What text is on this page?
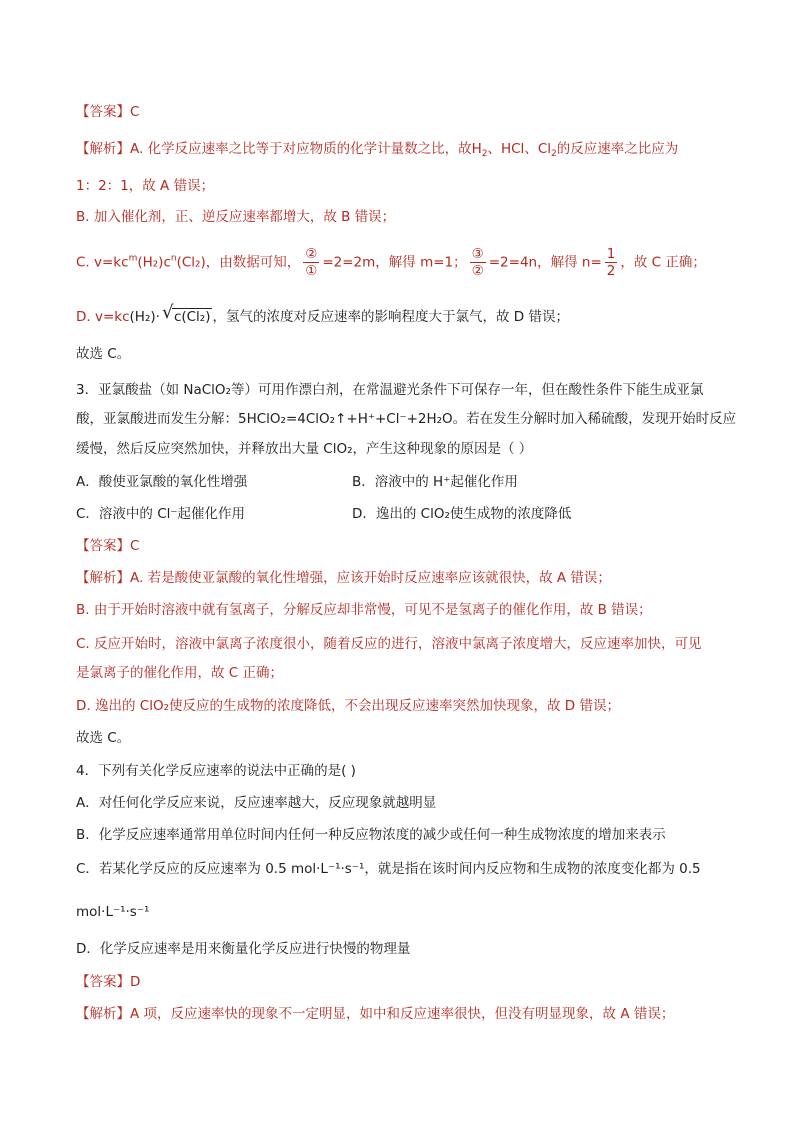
【答案】C
【解析】A. 化学反应速率之比等于对应物质的化学计量数之比，故$H_2$、HCl、$Cl_2$的反应速率之比应为
1：2：1，故 A 错误；
B. 加入催化剂，正、逆反应速率都增大，故 B 错误；
C. $v=kc^m(H_2)c^n(Cl_2)$，由数据可知， $\frac{\text{②}}{\text{①}} =2=2m$，解得 m=1； $\frac{\text{③}}{\text{②}} =2=4n$，解得 $n= \frac{1}{2}$ ，故 C 正确；
D. v=kc(H₂)· √ c(Cl₂) ，氢气的浓度对反应速率的影响程度大于氯气，故 D 错误；
故选 C。
3．亚氯酸盐（如 NaClO₂等）可用作漂白剂，在常温避光条件下可保存一年，但在酸性条件下能生成亚氯
酸，亚氯酸进而发生分解：5HClO₂=4ClO₂↑+H⁺+Cl⁻+2H₂O。若在发生分解时加入稀硫酸，发现开始时反应
缓慢，然后反应突然加快，并释放出大量 ClO₂，产生这种现象的原因是（ ）
A．酸使亚氯酸的氧化性增强	B．溶液中的 H⁺起催化作用
C．溶液中的 Cl⁻起催化作用	D．逸出的 ClO₂使生成物的浓度降低
【答案】C
【解析】A. 若是酸使亚氯酸的氧化性增强，应该开始时反应速率应该就很快，故 A 错误；
B. 由于开始时溶液中就有氢离子，分解反应却非常慢，可见不是氢离子的催化作用，故 B 错误；
C. 反应开始时，溶液中氯离子浓度很小，随着反应的进行，溶液中氯离子浓度增大，反应速率加快，可见
是氯离子的催化作用，故 C 正确；
D. 逸出的 ClO₂使反应的生成物的浓度降低，不会出现反应速率突然加快现象，故 D 错误；
故选 C。
4．下列有关化学反应速率的说法中正确的是( )
A．对任何化学反应来说，反应速率越大，反应现象就越明显
B．化学反应速率通常用单位时间内任何一种反应物浓度的减少或任何一种生成物浓度的增加来表示
C．若某化学反应的反应速率为 0.5 mol·L⁻¹·s⁻¹，就是指在该时间内反应物和生成物的浓度变化都为 0.5
mol·L⁻¹·s⁻¹
D．化学反应速率是用来衡量化学反应进行快慢的物理量
【答案】D
【解析】A 项，反应速率快的现象不一定明显，如中和反应速率很快，但没有明显现象，故 A 错误；
